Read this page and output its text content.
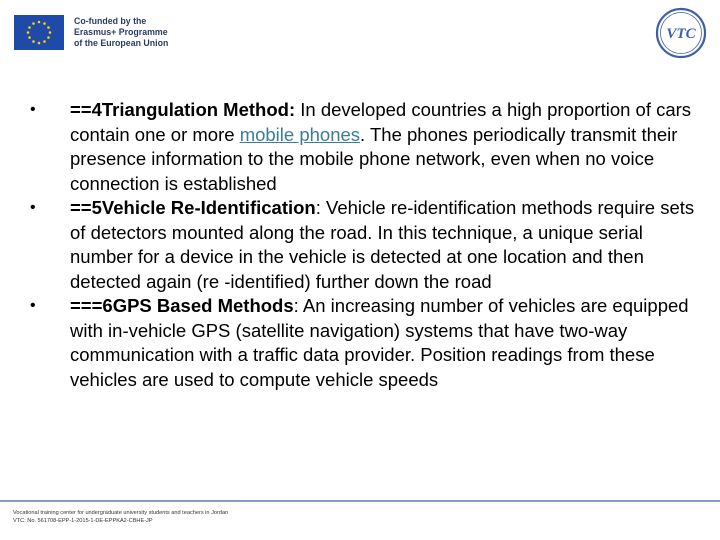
Co-funded by the
Erasmus+ Programme
of the European Union
VTC
•	==4Triangulation Method: In developed countries a high proportion of cars contain one or more mobile phones. The phones periodically transmit their presence information to the mobile phone network, even when no voice connection is established
•	==5Vehicle Re-Identification: Vehicle re-identification methods require sets of detectors mounted along the road. In this technique, a unique serial number for a device in the vehicle is detected at one location and then detected again (re -identified) further down the road
•	===6GPS Based Methods: An increasing number of vehicles are equipped with in-vehicle GPS (satellite navigation) systems that have two-way communication with a traffic data provider. Position readings from these vehicles are used to compute vehicle speeds
Vocational training center for undergraduate university students and teachers in Jordan
VTC: No. 561708-EPP-1-2015-1-DE-EPPKA2-CBHE-JP
